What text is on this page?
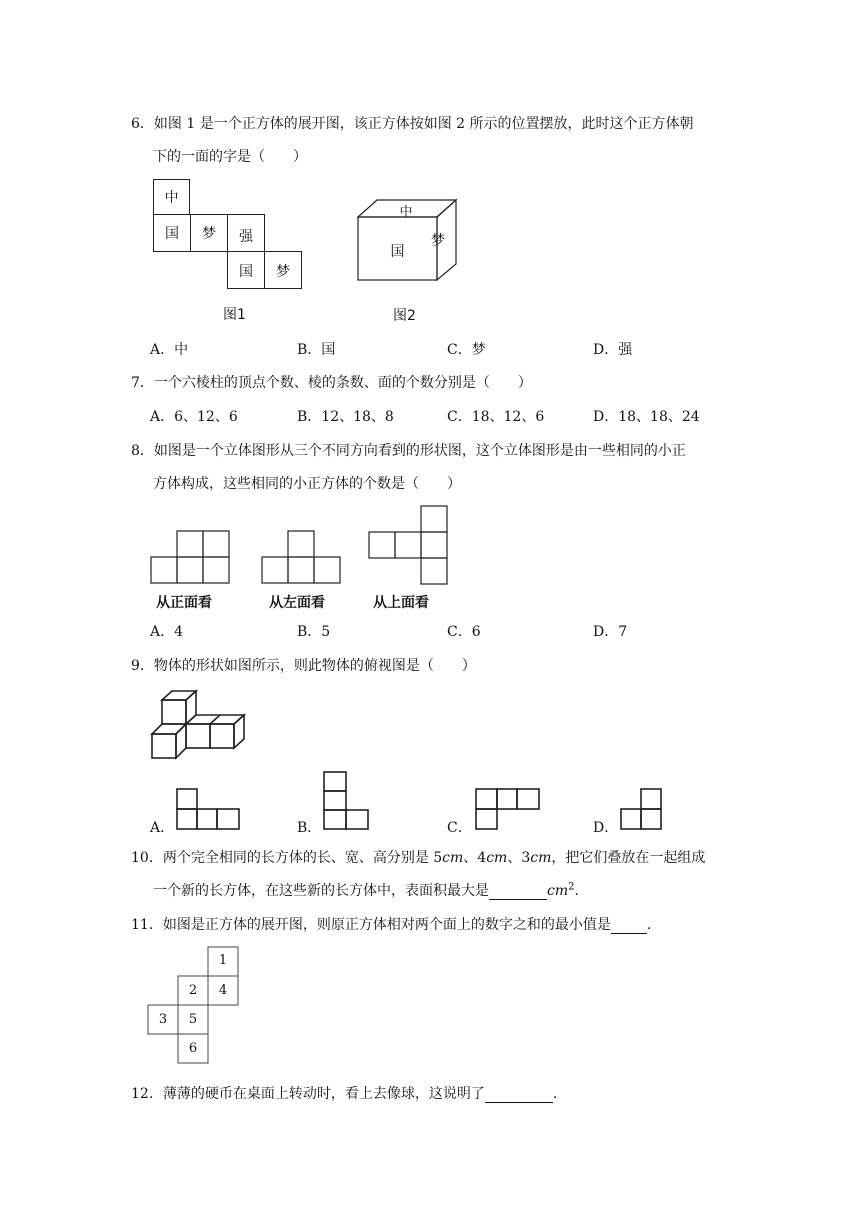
6．如图 1 是一个正方体的展开图，该正方体按如图 2 所示的位置摆放，此时这个正方体朝
下的一面的字是（　　）
中
国	梦	强
国	梦
图1
中
国
梦
图2
A．中	B．国	C．梦	D．强
7．一个六棱柱的顶点个数、棱的条数、面的个数分别是（　　）
A．6、12、6	B．12、18、8	C．18、12、6	D．18、18、24
8．如图是一个立体图形从三个不同方向看到的形状图，这个立体图形是由一些相同的小正
方体构成，这些相同的小正方体的个数是（　　）
从正面看	从左面看	从上面看
A．4	B．5	C．6	D．7
9．物体的形状如图所示，则此物体的俯视图是（　　）
A．	B．	C．	D．
10．两个完全相同的长方体的长、宽、高分别是 5cm、4cm、3cm，把它们叠放在一起组成
一个新的长方体，在这些新的长方体中，表面积最大是	$cm^2$.
11．如图是正方体的展开图，则原正方体相对两个面上的数字之和的最小值是	.
1
2	4
3	5
6
12．薄薄的硬币在桌面上转动时，看上去像球，这说明了	.
